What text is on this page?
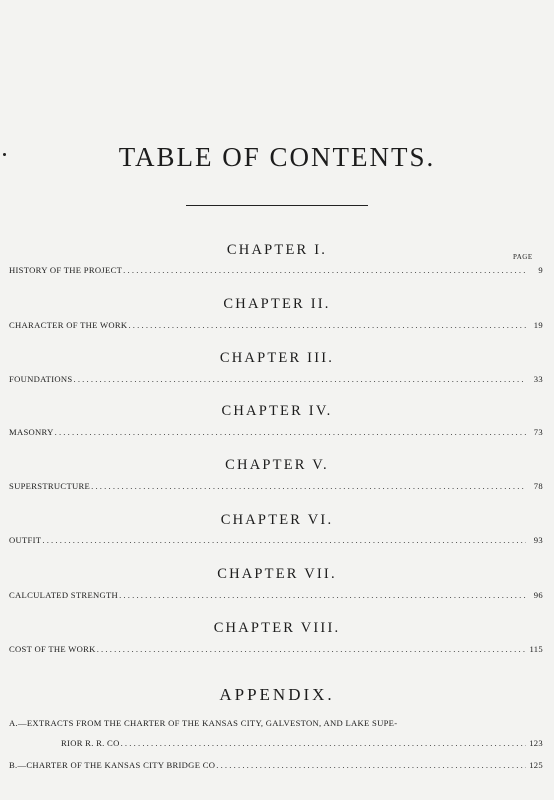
TABLE OF CONTENTS.
PAGE
CHAPTER I.
HISTORY OF THE PROJECT .....	9
CHAPTER II.
CHARACTER OF THE WORK .....	19
CHAPTER III.
FOUNDATIONS .....	33
CHAPTER IV.
MASONRY .....	73
CHAPTER V.
SUPERSTRUCTURE .....	78
CHAPTER VI.
OUTFIT .....	93
CHAPTER VII.
CALCULATED STRENGTH .....	96
CHAPTER VIII.
COST OF THE WORK .....	115
APPENDIX.
A.—EXTRACTS FROM THE CHARTER OF THE KANSAS CITY, GALVESTON, AND LAKE SUPE-
RIOR R. R. CO .....	123
B.—CHARTER OF THE KANSAS CITY BRIDGE CO .....	125
